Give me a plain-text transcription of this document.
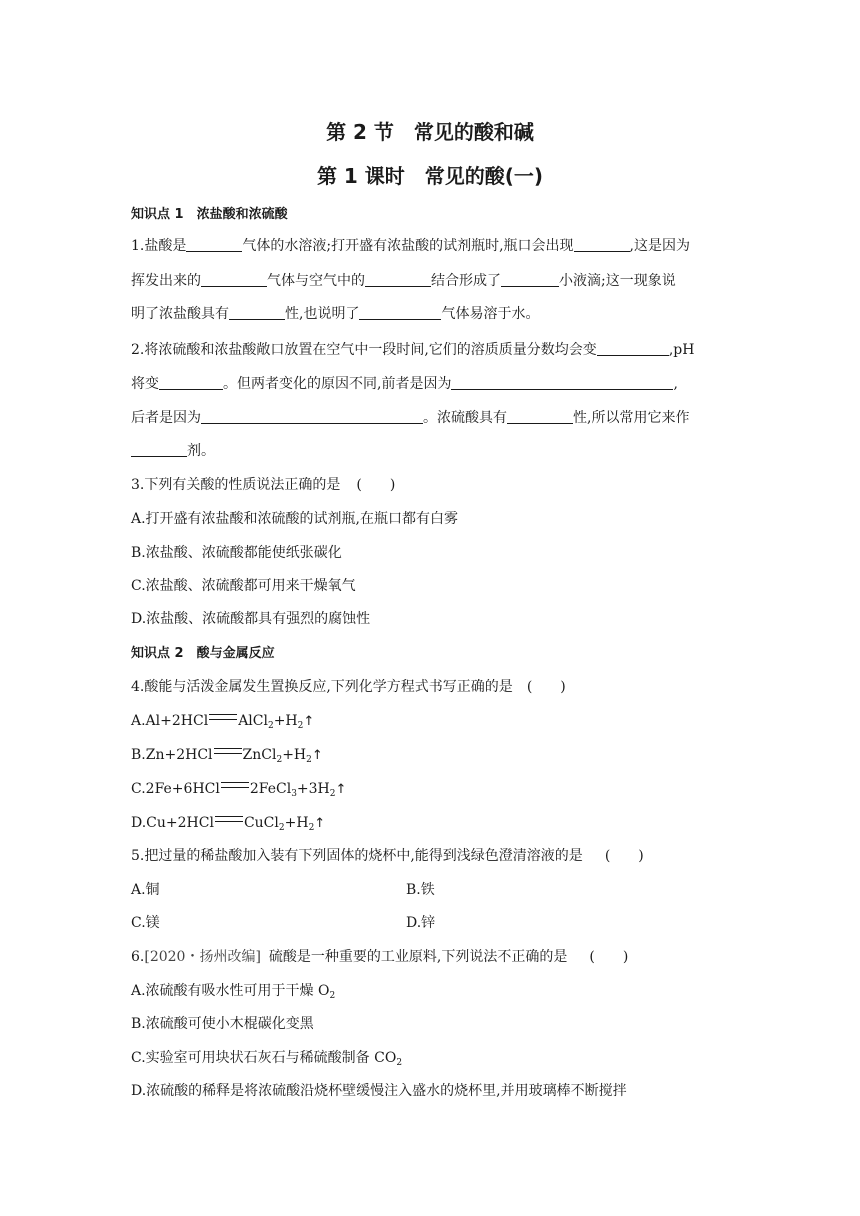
第 2 节　常见的酸和碱
第 1 课时　常见的酸(一)
知识点 1　浓盐酸和浓硫酸
1.盐酸是	气体的水溶液;打开盛有浓盐酸的试剂瓶时,瓶口会出现	,这是因为
挥发出来的	气体与空气中的	结合形成了	小液滴;这一现象说
明了浓盐酸具有	性,也说明了	气体易溶于水。
2.将浓硫酸和浓盐酸敞口放置在空气中一段时间,它们的溶质质量分数均会变	,pH
将变	。但两者变化的原因不同,前者是因为	,
后者是因为	。浓硫酸具有	性,所以常用它来作
剂。
3.下列有关酸的性质说法正确的是 (　　)
A.打开盛有浓盐酸和浓硫酸的试剂瓶,在瓶口都有白雾
B.浓盐酸、浓硫酸都能使纸张碳化
C.浓盐酸、浓硫酸都可用来干燥氧气
D.浓盐酸、浓硫酸都具有强烈的腐蚀性
知识点 2　酸与金属反应
4.酸能与活泼金属发生置换反应,下列化学方程式书写正确的是 (　　)
A.Al+2HCl $AlCl_2+H_2↑$
B.Zn+2HCl $ZnCl_2+H_2↑$
C.2Fe+6HCl $2FeCl_3+3H_2↑$
D.Cu+2HCl $CuCl_2+H_2↑$
5.把过量的稀盐酸加入装有下列固体的烧杯中,能得到浅绿色澄清溶液的是 (　　)
A.铜	B.铁
C.镁	D.锌
6.[2020・扬州改编] 硫酸是一种重要的工业原料,下列说法不正确的是 (　　)
A.浓硫酸有吸水性可用于干燥 $O_2$
B.浓硫酸可使小木棍碳化变黑
C.实验室可用块状石灰石与稀硫酸制备 $CO_2$
D.浓硫酸的稀释是将浓硫酸沿烧杯壁缓慢注入盛水的烧杯里,并用玻璃棒不断搅拌
